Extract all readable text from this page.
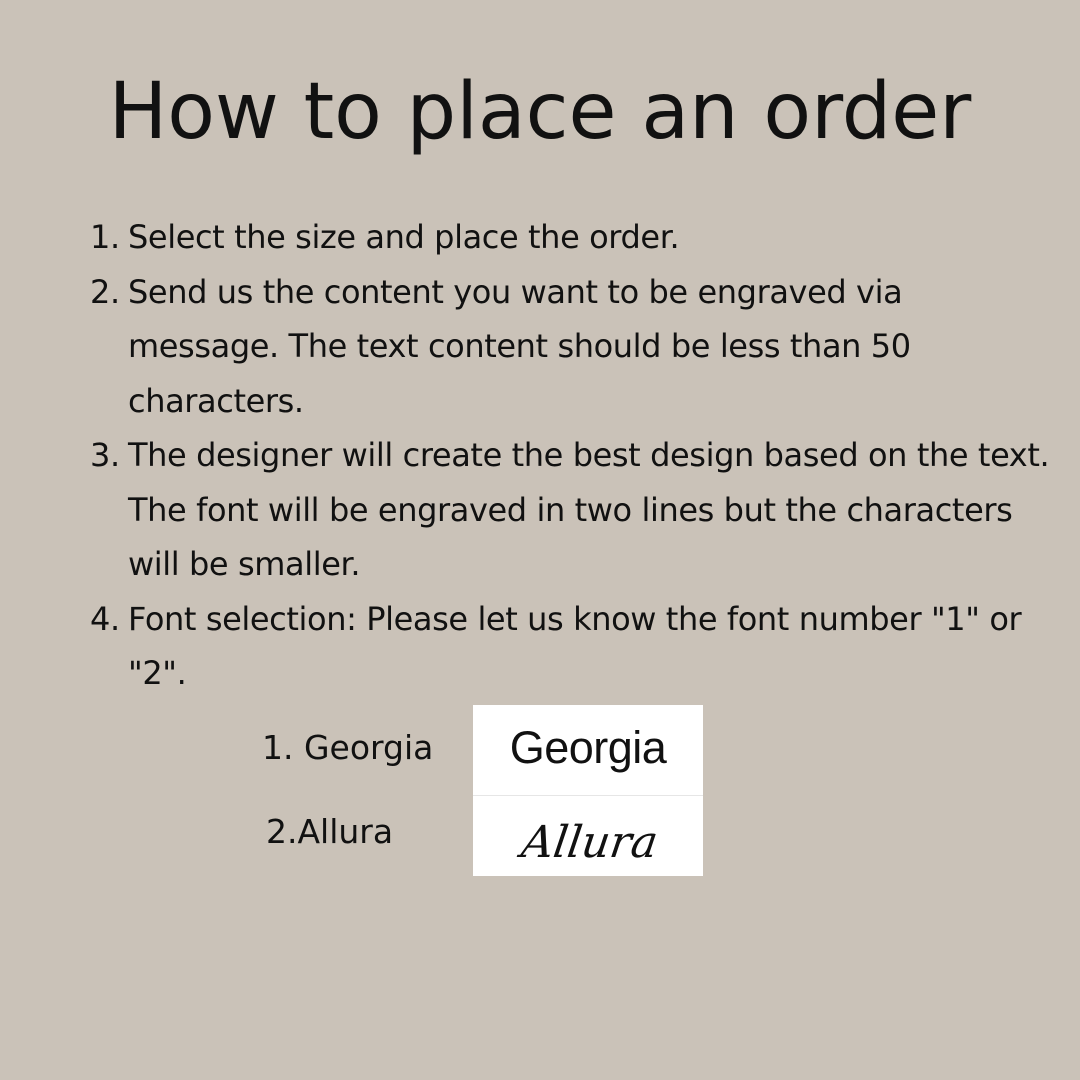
How to place an order
1. Select the size and place the order.
2. Send us the content you want to be engraved via message. The text content should be less than 50 characters.
3. The designer will create the best design based on the text. The font will be engraved in two lines but the characters will be smaller.
4. Font selection: Please let us know the font number "1" or "2".
1. Georgia
2.Allura
Georgia
Allura
